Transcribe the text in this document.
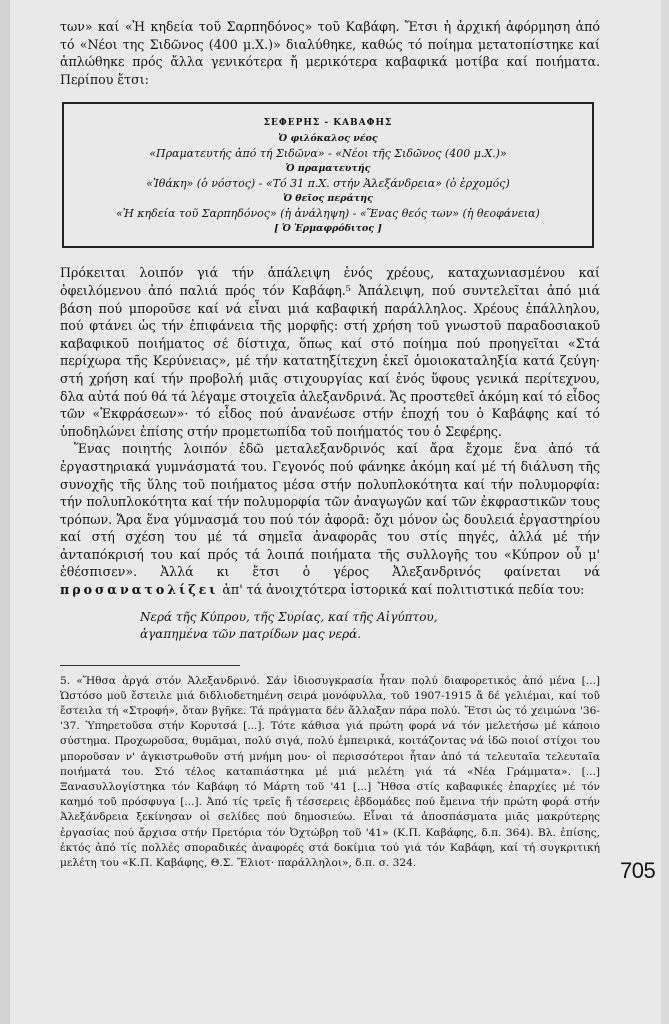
των» καί «Ἡ κηδεία τοῦ Σαρπηδόνος» τοῦ Καβάφη. Ἔτσι ἡ ἀρχική ἀφόρμηση ἀπό τό «Νέοι της Σιδῶνος (400 μ.Χ.)» διαλύθηκε, καθώς τό ποίημα μετατοπίστηκε καί ἁπλώθηκε πρός ἄλλα γενικότερα ἤ μερικότερα καβαφικά μοτίβα καί ποιήματα. Περίπου ἔτσι:

ΣΕΦΕΡΗΣ - ΚΑΒΑΦΗΣ
Ὁ φιλόκαλος νέος
«Πραματευτής ἀπό τή Σιδῶνα» - «Νέοι τῆς Σιδῶνος (400 μ.Χ.)»
Ὁ πραματευτής
«Ἰθάκη» (ὁ νόστος) - «Τό 31 π.Χ. στήν Ἀλεξάνδρεια» (ὁ ἐρχομός)
Ὁ θεῖος περάτης
«Ἡ κηδεία τοῦ Σαρπηδόνος» (ἡ ἀνάληψη) - «Ἕνας θεός των» (ἡ θεοφάνεια)
[ Ὁ Ἑρμαφρόδιτος ]

Πρόκειται λοιπόν γιά τήν ἀπάλειψη ἑνός χρέους, καταχωνιασμένου καί ὀφειλόμενου ἀπό παλιά πρός τόν Καβάφη.⁵ Ἀπάλειψη, πού συντελεῖται ἀπό μιά βάση πού μποροῦσε καί νά εἶναι μιά καβαφική παράλληλος. Χρέους ἐπάλληλου, πού φτάνει ὡς τήν ἐπιφάνεια τῆς μορφῆς: στή χρήση τοῦ γνωστοῦ παραδοσιακοῦ καβαφικοῦ ποιήματος σέ δίστιχα, ὅπως καί στό ποίημα πού προηγεῖται «Στά περίχωρα τῆς Κερύνειας», μέ τήν κατατηξίτεχνη ἐκεῖ ὁμοιοκαταληξία κατά ζεύγη· στή χρήση καί τήν προβολή μιᾶς στιχουργίας καί ἑνός ὕφους γενικά περίτεχνου, δλα αὐτά πού θά τά λέγαμε στοιχεῖα ἀλεξανδρινά. Ἄς προστεθεῖ ἀκόμη καί τό εἶδος τῶν «Ἐκφράσεων»· τό εἶδος πού ἀνανέωσε στήν ἐποχή του ὁ Καβάφης καί τό ὑποδηλώνει ἐπίσης στήν προμετωπίδα τοῦ ποιήματός του ὁ Σεφέρης.

Ἕνας ποιητής λοιπόν ἐδῶ μεταλεξανδρινός καί ἄρα ἔχομε ἕνα ἀπό τά ἐργαστηριακά γυμνάσματά του. Γεγονός πού φάνηκε ἀκόμη καί μέ τή διάλυση τῆς συνοχῆς τῆς ὕλης τοῦ ποιήματος μέσα στήν πολυπλοκότητα καί τήν πολυμορφία: τήν πολυπλοκότητα καί τήν πολυμορφία τῶν ἀναγωγῶν καί τῶν ἐκφραστικῶν τους τρόπων. Ἄρα ἕνα γύμνασμά του πού τόν ἀφορᾶ: ὄχι μόνον ὡς δουλειά ἐργαστηρίου καί στή σχέση του μέ τά σημεῖα ἀναφορᾶς του στίς πηγές, ἀλλά μέ τήν ἀνταπόκρισή του καί πρός τά λοιπά ποιήματα τῆς συλλογῆς του «Κύπρον οὗ μ' ἐθέσπισεν». Ἀλλά κι ἔτσι ὁ γέρος Ἀλεξανδρινός φαίνεται νά προσανατολίζει ἀπ' τά ἀνοιχτότερα ἱστορικά καί πολιτιστικά πεδία του:

Νερά τῆς Κύπρου, τῆς Συρίας, καί τῆς Αἰγύπτου,
ἀγαπημένα τῶν πατρίδων μας νερά.

5. «Ἤθσα ἀργά στόν Ἀλεξανδρινό. Σάν ἰδιοσυγκρασία ἦταν πολύ διαφορετικός ἀπό μένα [...] Ὡστόσο μοῦ ἔστειλε μιά διδλιοδετημένη σειρά μονόφυλλα, τοῦ 1907-1915 ἄ δέ γελιέμαι, καί τοῦ ἔστειλα τή «Στροφή», ὅταν βγῆκε. Τά πράγματα δέν ἄλλαξαν πάρα πολύ. Ἔτσι ὡς τό χειμώνα '36-'37. Ὑπηρετοῦσα στήν Κορυτσά [...]. Τότε κάθισα γιά πρώτη φορά νά τόν μελετήσω μέ κάποιο σύστημα. Προχωροῦσα, θυμᾶμαι, πολύ σιγά, πολύ ἐμπειρικά, κοιτάζοντας νά ἰδῶ ποιοί στίχοι του μποροῦσαν ν' ἀγκιστρωθοῦν στή μνήμη μου· οἱ περισσότεροι ἦταν ἀπό τά τελευταῖα τελευταῖα ποιήματά του. Στό τέλος καταπιάστηκα μέ μιά μελέτη γιά τά «Νέα Γράμματα». [...] Ξανασυλλογίστηκα τόν Καβάφη τό Μάρτη τοῦ '41 [...] Ἤθσα στίς καβαφικές ἐπαρχίες μέ τόν καημό τοῦ πρόσφυγα [...]. Ἀπό τίς τρεῖς ἤ τέσσερεις ἑβδομάδες πού ἔμεινα τήν πρώτη φορά στήν Ἀλεξάνδρεια ξεκίνησαν οἱ σελίδες πού δημοσιεύω. Εἶναι τά ἀποσπάσματα μιᾶς μακρύτερης ἐργασίας πού ἄρχισα στήν Πρετόρια τόν Ὀχτώβρη τοῦ '41» (Κ.Π. Καβάφης, δ.π. 364). Βλ. ἐπίσης, ἐκτός ἀπό τίς πολλές σποραδικές ἀναφορές στά δοκίμια τού γιά τόν Καβάφη, καί τή συγκριτική μελέτη του «Κ.Π. Καβάφης, Θ.Σ. Ἔλιοτ· παράλληλοι», δ.π. σ. 324.	705
